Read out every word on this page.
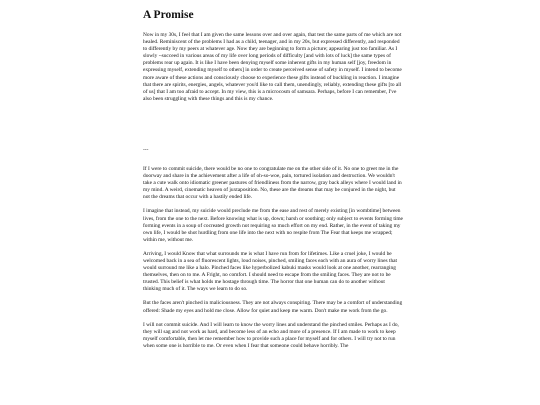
A Promise

Now in my 30s, I feel that I am given the same lessons over and over again, that test the same parts of me which are not healed. Reminiscent of the problems I had as a child, teenager, and in my 20s, but expressed differently, and responded to differently by my peers at whatever age. Now they are beginning to form a picture; appearing just too familiar. As I slowly ~succeed in various areas of my life over long periods of difficulty [and with lots of luck] the same types of problems rear up again. It is like I have been denying myself some inherent gifts in my human self [joy, freedom in expressing myself, extending myself to others] in order to create perceived sense of safety in myself. I intend to become more aware of these actions and consciously choose to experience these gifts instead of buckling in reaction. I imagine that there are spirits, energies, angels, whatever you'd like to call them, unendingly, reliably, extending these gifts [to all of us] that I am too afraid to accept. In my view, this is a microcosm of samsara. Perhaps, before I can remember, I've also been struggling with these things and this is my chance.

---

If I were to commit suicide, there would be no one to congratulate me on the other side of it. No one to greet me in the doorway and share in the achievement after a life of oh-so-woe, pain, tortured isolation and destruction. We wouldn't take a cute walk onto idiomatic greener pastures of friendliness from the narrow, gray back alleys where I would land in my mind. A weird, cinematic heaven of juxtaposition. No, these are the dreams that may be conjured in the night, but not the dreams that occur with a hastily ended life.

I imagine that instead, my suicide would preclude me from the ease and rest of merely existing [in wombtime] between lives, from the one to the next. Before knowing what is up, down; harsh or soothing; only subject to events forming time forming events in a soup of cocreated growth not requiring so much effort on my end. Rather, in the event of taking my own life, I would be shot hurdling from one life into the next with no respite from The Fear that keeps me wrapped; within me, without me.

Arriving, I would Know that what surrounds me is what I have run from for lifetimes. Like a cruel joke, I would be welcomed back in a sea of fluorescent lights, loud noises, pinched, smiling faces each with an aura of worry lines that would surround me like a halo. Pinched faces like hyperbolized kabuki masks would look at one another, rearranging themselves, then on to me. A Fright, no comfort. I should need to escape from the smiling faces. They are not to be trusted. This belief is what holds me hostage through time. The horror that one human can do to another without thinking much of it. The ways we learn to do so.

But the faces aren't pinched in maliciousness. They are not always conspiring. There may be a comfort of understanding offered: Shade my eyes and hold me close. Allow for quiet and keep me warm. Don't make me work from the go.

I will not commit suicide. And I will learn to know the worry lines and understand the pinched smiles. Perhaps as I do, they will sag and not work as hard, and become less of an echo and more of a presence. If I am made to work to keep myself comfortable, then let me remember how to provide such a place for myself and for others. I will try not to run when some one is horrible to me. Or even when I fear that someone could behave horribly. The
